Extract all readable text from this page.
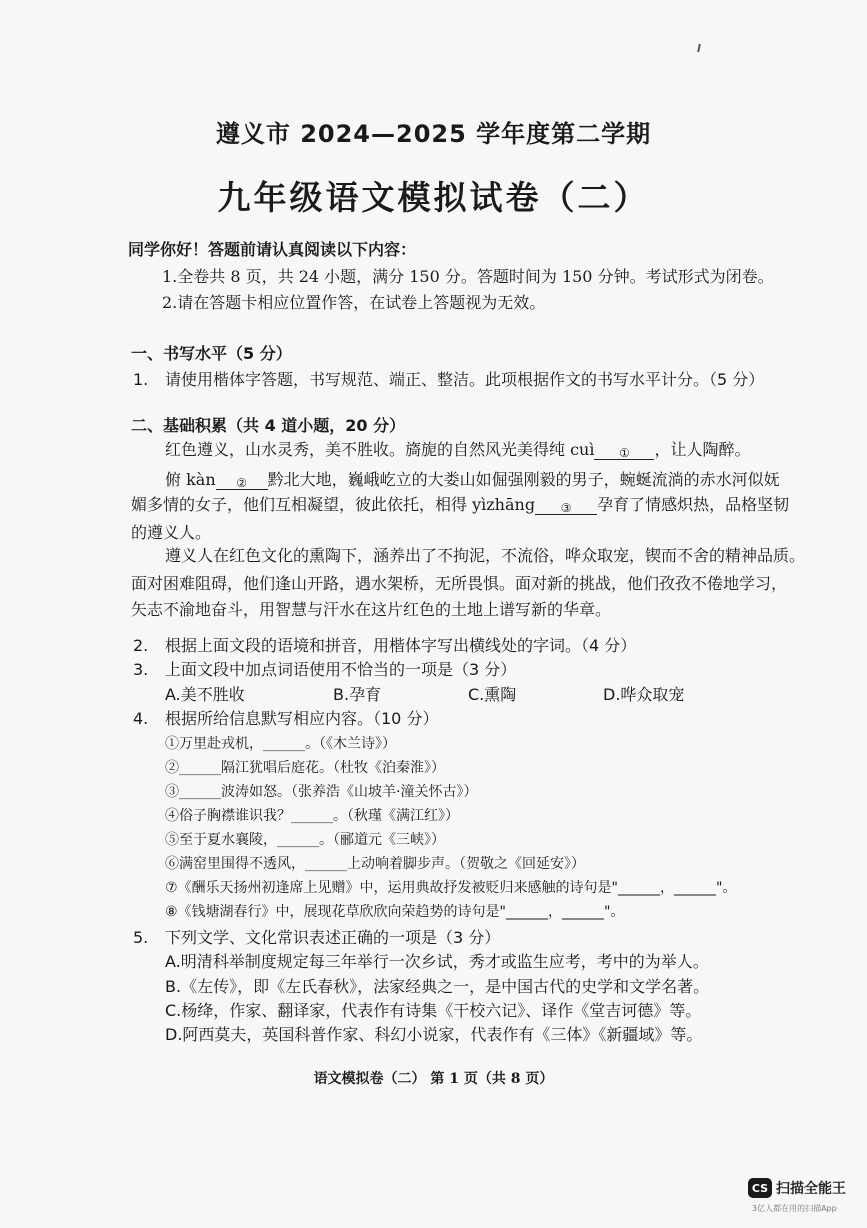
遵义市 2024—2025 学年度第二学期
九年级语文模拟试卷（二）
同学你好！答题前请认真阅读以下内容：
1.全卷共 8 页，共 24 小题，满分 150 分。答题时间为 150 分钟。考试形式为闭卷。
2.请在答题卡相应位置作答，在试卷上答题视为无效。
一、书写水平（5 分）
1. 请使用楷体字答题，书写规范、端正、整洁。此项根据作文的书写水平计分。（5 分）
二、基础积累（共 4 道小题，20 分）
红色遵义，山水灵秀，美不胜收。旖旎的自然风光美得纯 cuì ① ，让人陶醉。
俯 kàn ② 黔北大地，巍峨屹立的大娄山如倔强刚毅的男子，蜿蜒流淌的赤水河似妩
媚多情的女子，他们互相凝望，彼此依托，相得 yìzhāng ③ 孕育了情感炽热，品格坚韧
的遵义人。
遵义人在红色文化的熏陶下，涵养出了不拘泥，不流俗，哗众取宠，锲而不舍的精神品质。
面对困难阻碍，他们逢山开路，遇水架桥，无所畏惧。面对新的挑战，他们孜孜不倦地学习，
矢志不渝地奋斗，用智慧与汗水在这片红色的土地上谱写新的华章。
2. 根据上面文段的语境和拼音，用楷体字写出横线处的字词。（4 分）
3. 上面文段中加点词语使用不恰当的一项是（3 分）
A.美不胜收	B.孕育	C.熏陶	D.哗众取宠
4. 根据所给信息默写相应内容。（10 分）
①万里赴戎机，______。（《木兰诗》）
②______隔江犹唱后庭花。（杜牧《泊秦淮》）
③______波涛如怒。（张养浩《山坡羊·潼关怀古》）
④俗子胸襟谁识我？______。（秋瑾《满江红》）
⑤至于夏水襄陵，______。（郦道元《三峡》）
⑥满窑里围得不透风，______上动响着脚步声。（贺敬之《回延安》）
⑦《酬乐天扬州初逢席上见赠》中，运用典故抒发被贬归来感触的诗句是"______，______"。
⑧《钱塘湖春行》中，展现花草欣欣向荣趋势的诗句是"______，______"。
5. 下列文学、文化常识表述正确的一项是（3 分）
A.明清科举制度规定每三年举行一次乡试，秀才或监生应考，考中的为举人。
B.《左传》，即《左氏春秋》，法家经典之一，是中国古代的史学和文学名著。
C.杨绛，作家、翻译家，代表作有诗集《干校六记》、译作《堂吉诃德》等。
D.阿西莫夫，英国科普作家、科幻小说家，代表作有《三体》《新疆域》等。
语文模拟卷（二） 第 1 页（共 8 页）
CS 扫描全能王
3亿人都在用的扫描App
